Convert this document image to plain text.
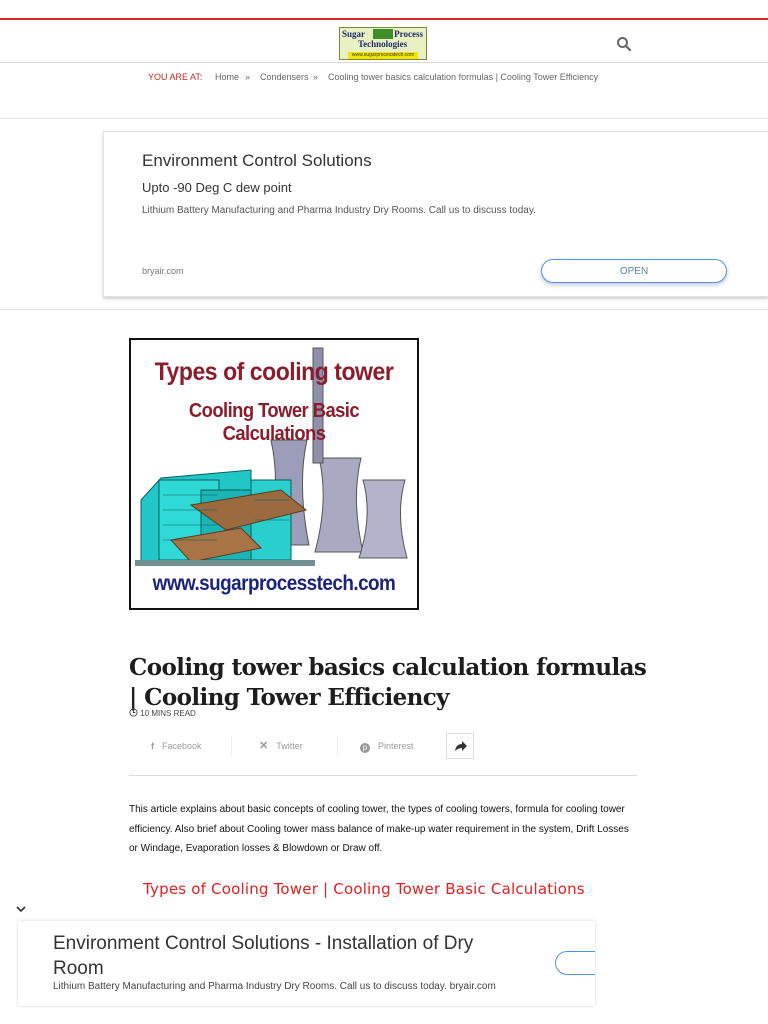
Sugar	Process
Technologies
www.sugarprocesstech.com
YOU ARE AT: Home » Condensers » Cooling tower basics calculation formulas | Cooling Tower Efficiency
Environment Control Solutions
Upto -90 Deg C dew point
Lithium Battery Manufacturing and Pharma Industry Dry Rooms. Call us to discuss today.
bryair.com	OPEN
Types of cooling tower
Cooling Tower Basic Calculations
www.sugarprocesstech.com
Cooling tower basics calculation formulas | Cooling Tower Efficiency
10 MINS READ
f Facebook	✕ Twitter	p Pinterest

This article explains about basic concepts of cooling tower, the types of cooling towers, formula for cooling tower efficiency. Also brief about Cooling tower mass balance of make-up water requirement in the system, Drift Losses or Windage, Evaporation losses & Blowdown or Draw off.

Types of Cooling Tower | Cooling Tower Basic Calculations
Environment Control Solutions - Installation of Dry Room
Lithium Battery Manufacturing and Pharma Industry Dry Rooms. Call us to discuss today. bryair.com
